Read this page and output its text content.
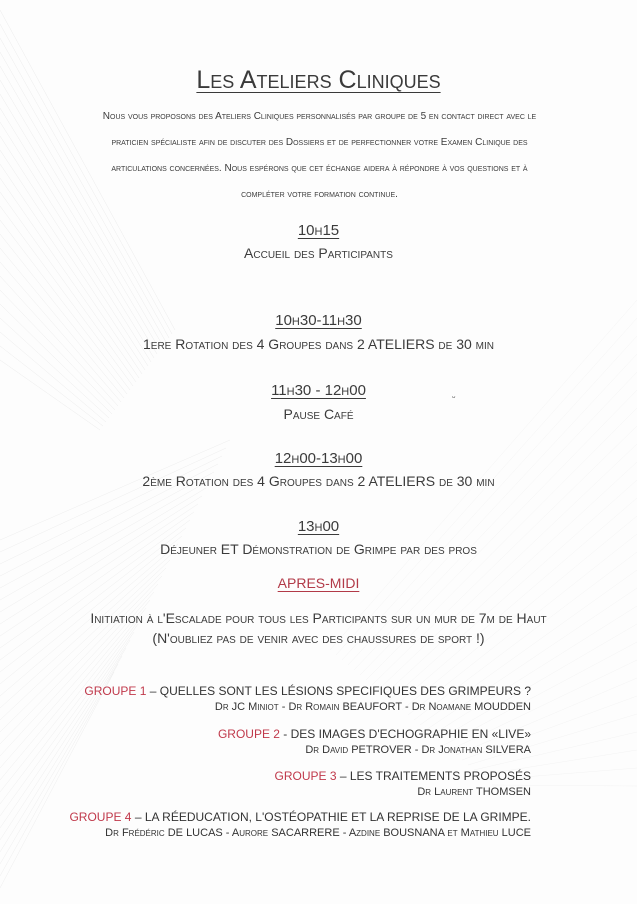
Les Ateliers Cliniques
Nous vous proposons des Ateliers Cliniques personnalisés par groupe de 5 en contact direct avec le praticien spécialiste afin de discuter des Dossiers et de perfectionner votre Examen Clinique des articulations concernées. Nous espérons que cet échange aidera à répondre à vos questions et à compléter votre formation continue.
10h15
Accueil des Participants
10h30-11h30
1ere Rotation des 4 Groupes dans 2 ATELIERS de 30 min
11h30 - 12h00
Pause Café
ᵕ
12h00-13h00
2ème Rotation des 4 Groupes dans 2 ATELIERS de 30 min
13h00
Déjeuner ET Démonstration de Grimpe par des pros
APRES-MIDI
Initiation à l'Escalade pour tous les Participants sur un mur de 7m de Haut
(N'oubliez pas de venir avec des chaussures de sport !)
GROUPE 1 – QUELLES SONT LES LÉSIONS SPECIFIQUES DES GRIMPEURS ?
Dr JC Miniot - Dr Romain BEAUFORT - Dr Noamane MOUDDEN
GROUPE 2 - DES IMAGES D'ECHOGRAPHIE EN «LIVE»
Dr David PETROVER - Dr Jonathan SILVERA
GROUPE 3 – LES TRAITEMENTS PROPOSÉS
Dr Laurent THOMSEN
GROUPE 4 – LA RÉEDUCATION, L'OSTÉOPATHIE ET LA REPRISE DE LA GRIMPE.
Dr Frédéric DE LUCAS - Aurore SACARRERE - Azdine BOUSNANA et Mathieu LUCE
